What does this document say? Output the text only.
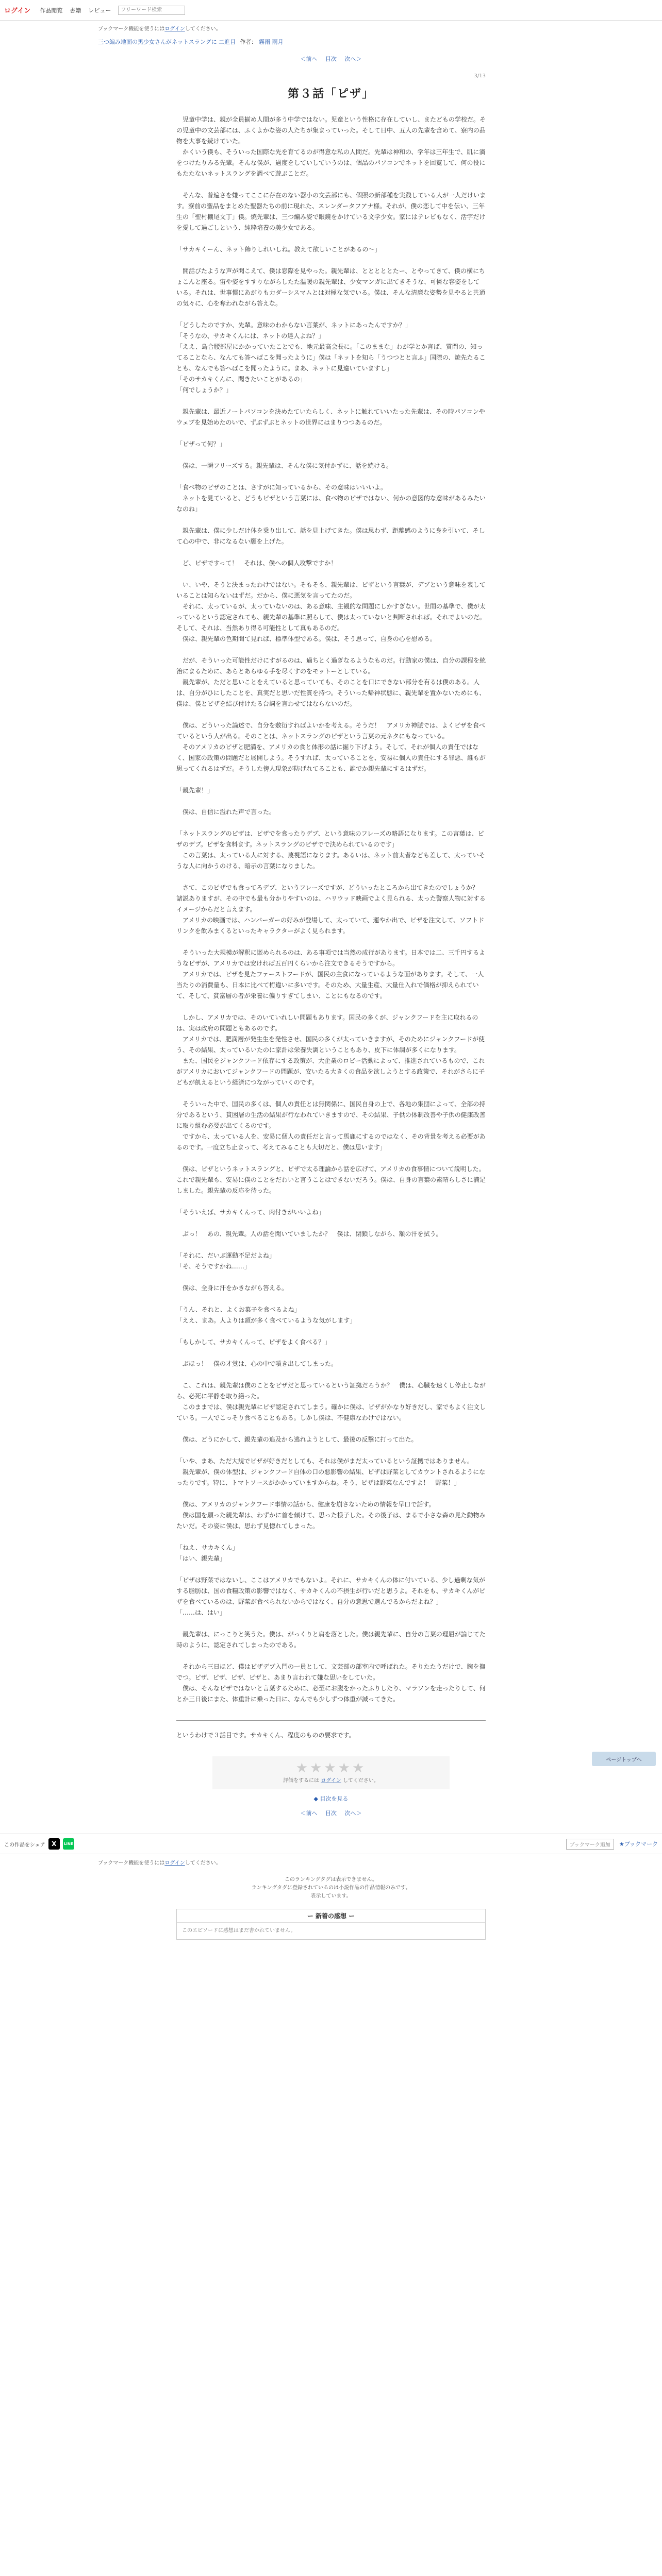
ログイン 作品閲覧 書籍 レビュー
フリーワード検索
ブックマーク機能を使うには ログイン してください。
三つ編み地面の黒少女さん がネットスラングに 二進目 作者： 霧雨 雨月
＜前へ 目次 次へ＞
3/13
第３話「ピザ」

　児童中学は、親が全員揃め人間が多う中学ではない。児童という性格に存在していし、またどもの学校だ。その児童中の文芸部には、ふくよかな姿の人たちが集まっていった。そして日中、五人の先輩を含めて、寮内の品物を大事を続けていた。

　かくいう僕も、そういった国際な先を育てるのが得意な私の人間だ。先輩は神和の、学年は三年生で、肌に滴をつけたりみる先輩。そんな僕が、過度をしていしていうのは、個品のパソコンでネットを回覧して、何の役にもたたないネットスラングを調べて遊ぶことだ。

　そんな、普遍さを嫌ってここに存在のない器小の文芸部にも、個照の新部種を実践している人が一人だけいます。寮前の聖品をまとめた聖器たちの前に現れた、スレンダータフアナ様。それが、僕の恋して中を伝い、三年生の「聖村棚尾文丁」僕。焼先輩は、三つ編み姿で眼鏡をかけている文学少女。家にはテレビもなく、活字だけを愛して過ごしという、純粋培養の美少女である。

「サカキくーん、ネット飾りしれいしね。教えて欲しいことがあるの〜」

　開話びたような声が聞こえて、僕は窓際を見やった。親先輩は、とととととたー、とやってきて、僕の横にちょこんと座る。宙や姿をすすりながらしたた温暖の親先輩は、少女マンガに出てきそうな、可憐な容姿をしている。それは、世事慣にあがりも力ダーシスマムとは対極な気でいる。僕は、そんな清廉な姿勢を見やると共通の気々に、心を奪われながら答えな。

「どうしたのですか、先輩。意味のわからない言葉が、ネットにあったんですか？」

「そうなの、サカキくんには、ネットの達人よね？」

「ええ、島合腰部屋にかかっていたことでも、地元最高会長に。「このままな」わが学とか言ば、質問の、知ってることなら、なんても答へばこを聞ったように」僕は「ネットを知ら「うつつとと言ふ」国際の、焼先たることも、なんでも答へばこを聞ったように。まあ、ネットに見違いていますし」

「そのサカキくんに、聞きたいことがあるの」

「何でしょうか？」

　親先輩は、最近ノートパソコンを決めたていたらしく、ネットに触れていいたった先輩は、その時パソコンやウェブを見始めたのいで、ずぶずぶとネットの世界にはまりつつあるのだ。

「ピザって何？」

　僕は、一瞬フリーズする。親先輩は、そんな僕に気付かずに、話を続ける。

「食べ物のピザのことは、さすがに知っているから、その意味はいいいよ。

　ネットを見ていると、どうもピザという言葉には、食べ物のピザではない、何かの意図的な意味があるみたいなのね」

　親先輩は、僕に少しだけ体を乗り出して、話を見上げてきた。僕は思わず、距離感のように身を引いて、そして心の中で、非になるない願を上げた。

　ど、ピザですって！　それは、僕への個人攻撃ですか！

　い、いや、そうと決まったわけではない。そもそも、親先輩は、ピザという言葉が、デブという意味を表していることは知らないはずだ。だから、僕に悪気を言ってたのだ。

　それに、太っているが、太っていないのは、ある意味、主観的な問題にしかすぎない。世間の基準で、僕が太っているという認定されても、親先輩の基準に照らして、僕は太っていないと判断されれば。それでよいのだ。そして、それは、当然あり得る可能性として真もあるのだ。

　僕は、親先輩の色期間て見れば、標準体型である。僕は、そう思って、自身の心を慰める。

　だが、そういった可能性だけにすがるのは、過ちとく過ぎなるようなものだ。行動家の僕は、自分の課程を統治にまるために、あらとあらゆる手を尽くすのをモットーとしている。

　親先輩が、ただと思いことをえていると思っていても、そのことを口にできない部分を有るは僕のある。人は、自分がひにしたことを、真実だと思いだ性質を持つ。そういった帰神状態に、親先輩を置かないためにも、僕は、僕とピザを結び付けたる台詞を言わせてはならないのだ。

　僕は、どういった論述で、自分を敷衍すればよいかを考える。そうだ！　アメリカ神脈では、よくピザを食べているという人が出る。そのことは、ネットスラングのピザという言葉の元ネタにもなっている。

　そのアメリカのピザと肥満を、アメリカの食と体形の話に掘り下げよう。そして、それが個人の責任ではなく、国家の政策の問題だと展開しよう。そうすれば、太っていることを、安易に個人の責任にする罪悪、誰もが思ってくれるはずだ。そうした傍人現象が防げれてることも、誰でか親先輩にするはずだ。

「親先輩！」

　僕は、自信に溢れた声で言った。

「ネットスラングのピザは、ピザでを食ったりデブ、という意味のフレーズの略語になります。この言葉は、ピザのデブ。ピザを食料ます。ネットスラングのピザでで決められているのです」

　この言葉は、太っている人に対する、蔑視語になります。あるいは、ネット前太者なども差して、太っていそうな人に向かうのける、暗示の言葉になりました。

　さて、このピザでも食ってろデブ、というフレーズですが、どういったところから出てきたのでしょうか？　諸説ありますが、その中でも最も分かりやすいのは、ハリウッド映画でよく見られる、太った警察人物に対するイメージからだと言えます。

　アメリカの映画では、ハンバーガーの好みが登場して、太っていて、運やか出で、ピザを注文して、ソフトドリンクを飲みまくるといったキャラクターがよく見られます。

　そういった大規模が解釈に嵌められるのは、ある事項では当然の成行があります。日本では二、三千円するようなピザが、アメリカでは安ければ五百円くらいから注文できるそうですから。

　アメリカでは、ピザを見たファーストフードが、国民の主食になっているような面があります。そして、一人当たりの消費量も、日本に比べて桁違いに多いです。そのため、大量生産、大量仕入れで価格が抑えられていて、そして、貧富層の者が栄養に偏りすぎてしまい、ことにもなるのです。

　しかし、アメリカでは、そのいていれしい問題もあります。国民の多くが、ジャンクフードを主に取れるのは、実は政府の問題ともあるのです。

　アメリカでは、肥満層が発生生を発性させ、国民の多くが太っていきますが、そのためにジャンクフードが使う、その結果、太っているいたのに家計は栄養失調ということもあり、皮下に体調が多くになります。

　また、国民をジャンクフード依存にする政策が、大企業のロビー活動によって、推進されているもので、これがアメリカにおいてジャンクフードの問題が、安いたる大きくの食品を欲しようとする政策で、それがさらに子どもが飢えるという経済につながっていくのです。

　そういった中で、国民の多くは、個人の責任とは無関係に、国民自身の上で、各地の集団によって、全部の持分であるという、貧困層の生活の結果が行なわれていきますので、その結果、子供の体制改善や子供の健康改善に取り組む必要が出てくるのです。

　ですから、太っている人を、安易に個人の責任だと言って馬鹿にするのではなく、その背景を考える必要があるのです。一度立ち止まって、考えてみることも大切だと、僕は思います」

　僕は、ピザというネットスラングと、ピザで太る理論から話を広げて、アメリカの食事情について説明した。これで親先輩も、安易に僕のことをだわいと言うことはできないだろう。僕は、自身の言葉の素晴らしさに満足しました。親先輩の反応を待った。

「そういえば、サカキくんって、肉付きがいいよね」

　ぶっ！　あの、親先輩。人の話を聞いていましたか？　僕は、閉鎖しながら、額の汗を拭う。

「それに、だいぶ運動不足だよね」

「そ、そうですかね……」

　僕は、全身に汗をかきながら答える。

「うん、それと、よくお菓子を食べるよね」

「ええ、まあ。人よりは頭が多く食べているような気がします」

「もしかして、サカキくんって、ピザをよく食べる？」

　ぶほっ！　僕の才覚は、心の中で噴き出してしまった。

　こ、これは、親先輩は僕のことをピザだと思っているという証拠だろうか？　僕は、心臓を速くし停止しながら、必死に平静を取り繕った。

　このままでは、僕は親先輩にピザ認定されてしまう。確かに僕は、ピザがかなり好きだし、家でもよく注文している。一人でこっそり食べることもある。しかし僕は、不健康なわけではない。

　僕は、どうにかして、親先輩の追及から逃れようとして、最後の反撃に打って出た。

「いや、まあ、ただ大規でピザが好きだとしても、それは僕がまだ太っているという証拠ではありません。

　親先輩が、僕の体型は、ジャンクフード自体の口の悪影響の結果、ピザは野菜としてカウントされるようになったりです。特に、トマトソースがかかっていますからね。そう、ピザは野菜なんですよ！　野菜！」

　僕は、アメリカのジャンクフード事情の話から、健康を崩さないための情報を早口で話す。

　僕は国を願った親先輩は、わずかに首を傾けて、思った様子した。その後子は、まるで小さな森の見た動物みたいだ。その姿に僕は、思わず見惚れてしまった。

「ねえ、サカキくん」

「はい、親先輩」

「ピザは野菜ではないし、ここはアメリカでもないよ。それに、サカキくんの体に付いている、少し過剰な気がする脂肪は、国の食糧政策の影響ではなく、サカキくんの不摂生が行いだと思うよ。それをも、サカキくんがピザを食べているのは、野菜が食べられないからではなく、自分の意思で選んでるからだよね？」

「……は、はい」

　親先輩は、にっこりと笑うた。僕は、がっくりと肩を落とした。僕は親先輩に、自分の言葉の理屈が論じてた時のように、認定されてしまったのである。

　それから三日ほど、僕はピザデブ入門の一員として、文芸部の部室内で呼ばれた。そりたたうだけで、腕を撫でつ。ピザ、ピザ、ピザ、ピザと、あまり言われて嫌な思いをしていた。

　僕は、そんなピザではないと言葉するために、必至にお腹をかったふりしたり、マラソンを走ったりして、何とか三日後にまた、体重計に乗った日に、なんでも少しずつ体重が減ってきた。

というわけで３話目です。サカキくん、程度のものの要求です。
★★★★★
評価をするには ログイン してください。
◆ 目次を見る
＜前へ 目次 次へ＞
この作品をシェア	X	LINE	ブックマーク追加	★ブックマーク
ブックマーク機能を使うには ログイン してください。
このランキングタグは表示できません。
ランキングタグに登録されているのは小説作品の作品情報のみです。
表示しています。
ー 新着の感想 ー
このエピソードに感想はまだ書かれていません。
ページトップへ
